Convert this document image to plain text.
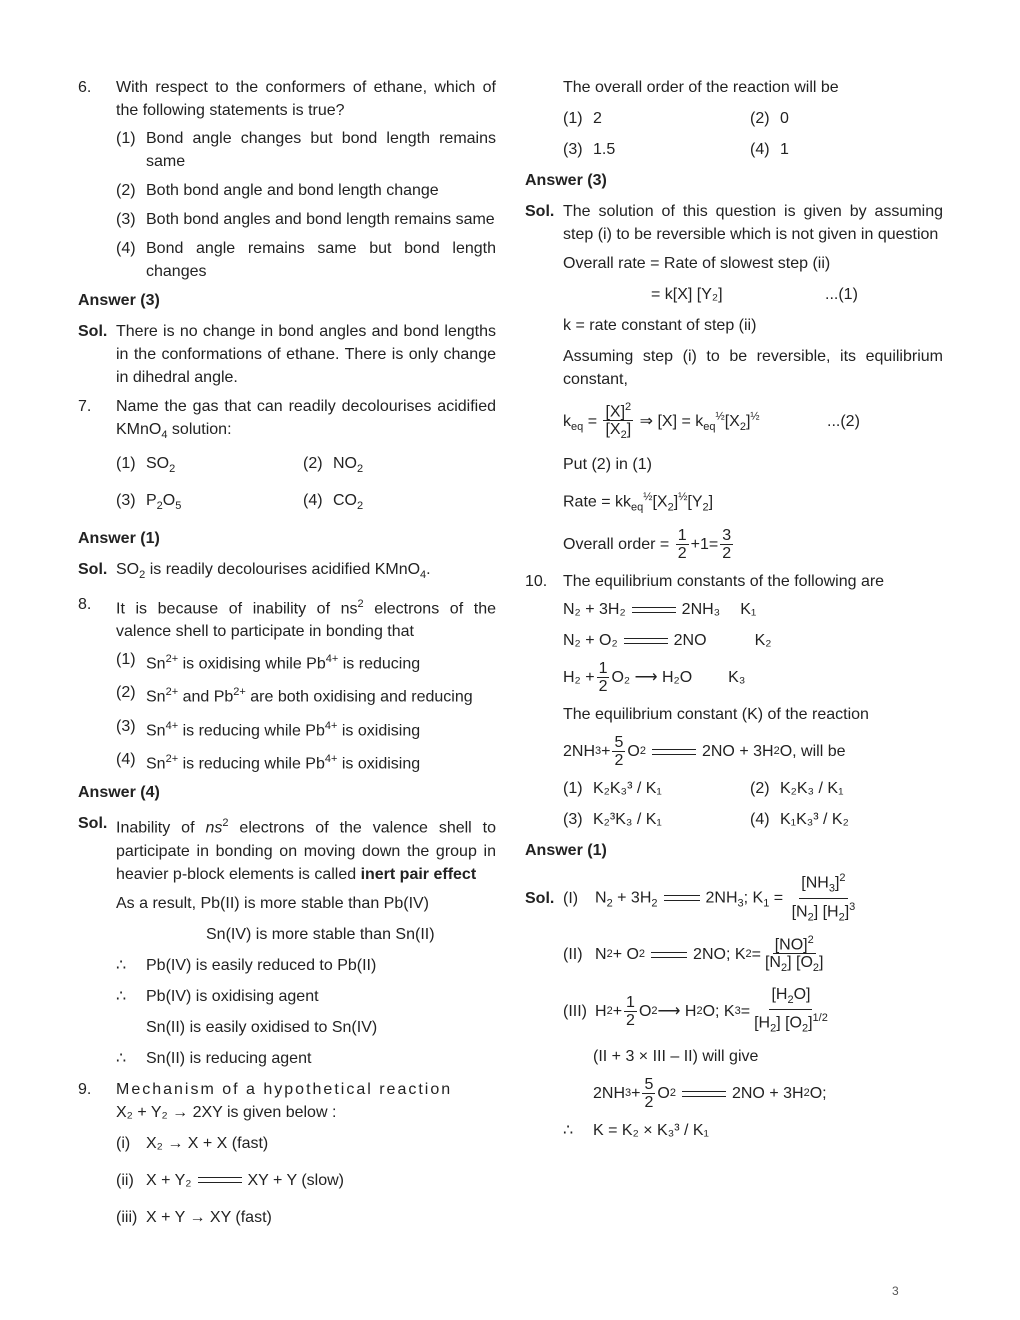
6.	With respect to the conformers of ethane, which of the following statements is true?
(1) Bond angle changes but bond length remains same
(2) Both bond angle and bond length change
(3) Both bond angles and bond length remains same
(4) Bond angle remains same but bond length changes
Answer (3)
Sol. There is no change in bond angles and bond lengths in the conformations of ethane. There is only change in dihedral angle.
7.	Name the gas that can readily decolourises acidified KMnO$_4$ solution:
(1) $SO_2$	(2) $NO_2$
(3) $P_2O_5$	(4) $CO_2$
Answer (1)
Sol. $SO_2$ is readily decolourises acidified KMnO$_4$.
8.	It is because of inability of $ns^2$ electrons of the valence shell to participate in bonding that
(1) $Sn^{2+}$ is oxidising while $Pb^{4+}$ is reducing
(2) $Sn^{2+}$ and $Pb^{2+}$ are both oxidising and reducing
(3) $Sn^{4+}$ is reducing while $Pb^{4+}$ is oxidising
(4) $Sn^{2+}$ is reducing while $Pb^{4+}$ is oxidising
Answer (4)
Sol. Inability of $ns^2$ electrons of the valence shell to participate in bonding on moving down the group in heavier p-block elements is called inert pair effect
As a result, Pb(II) is more stable than Pb(IV)
Sn(IV) is more stable than Sn(II)
∴	Pb(IV) is easily reduced to Pb(II)
∴	Pb(IV) is oxidising agent
Sn(II) is easily oxidised to Sn(IV)
∴	Sn(II) is reducing agent
9.	Mechanism of a hypothetical reaction
X₂ + Y₂ → 2XY is given below :
(i) X₂ → X + X (fast)
(ii) X + Y₂	XY + Y (slow)
(iii) X + Y → XY (fast)
The overall order of the reaction will be
(1) 2	(2) 0
(3) 1.5	(4) 1
Answer (3)
Sol. The solution of this question is given by assuming step (i) to be reversible which is not given in question
Overall rate = Rate of slowest step (ii)
= k[X] [Y₂]	...(1)
k = rate constant of step (ii)
Assuming step (i) to be reversible, its equilibrium constant,
$k_{eq} = \frac{[X]^2}{[X_2]}$ ⇒ $[X] = k_{eq}^{\frac{1}{2}}[X_2]^{\frac{1}{2}}$	...(2)
Put (2) in (1)
Rate = $kk_{eq}^{\frac{1}{2}}[X_2]^{\frac{1}{2}}[Y_2]$
Overall order =
$\frac{1}{2} +1= \frac{3}{2}$
10. The equilibrium constants of the following are
N₂ + 3H₂	2NH₃ K₁
N₂ + O₂	2NO	K₂
$H_2 + \frac{1}{2} O_2$ ⟶ H₂O K₃
The equilibrium constant (K) of the reaction
2NH $3 + \frac{5}{2}$ O 2	2NO + 3H 2 O, will be
(1) K₂K₃³ / K₁	(2) K₂K₃ / K₁
(3) K₂³K₃ / K₁	(4) K₁K₃³ / K₂
Answer (1)
Sol. (I)	$N_2 + 3H_2$	$2NH_3$; $K_1 = \frac{[NH_3]^2}{[N_2] [H_2]^3}$
(II) N 2 + O 2	2NO; K $2 = \frac{[NO]^2}{[N_2] [O_2]}$
(III) H $2 + \frac{1}{2}$ O 2 ⟶ H 2 O; K $3 = \frac{[H_2O]}{[H_2] [O_2]^{1/2}}$
(II + 3 × III – II) will give
2NH $3 + \frac{5}{2}$ O 2	2NO + 3H 2 O;
∴	K = K₂ × K₃³ / K₁
3
